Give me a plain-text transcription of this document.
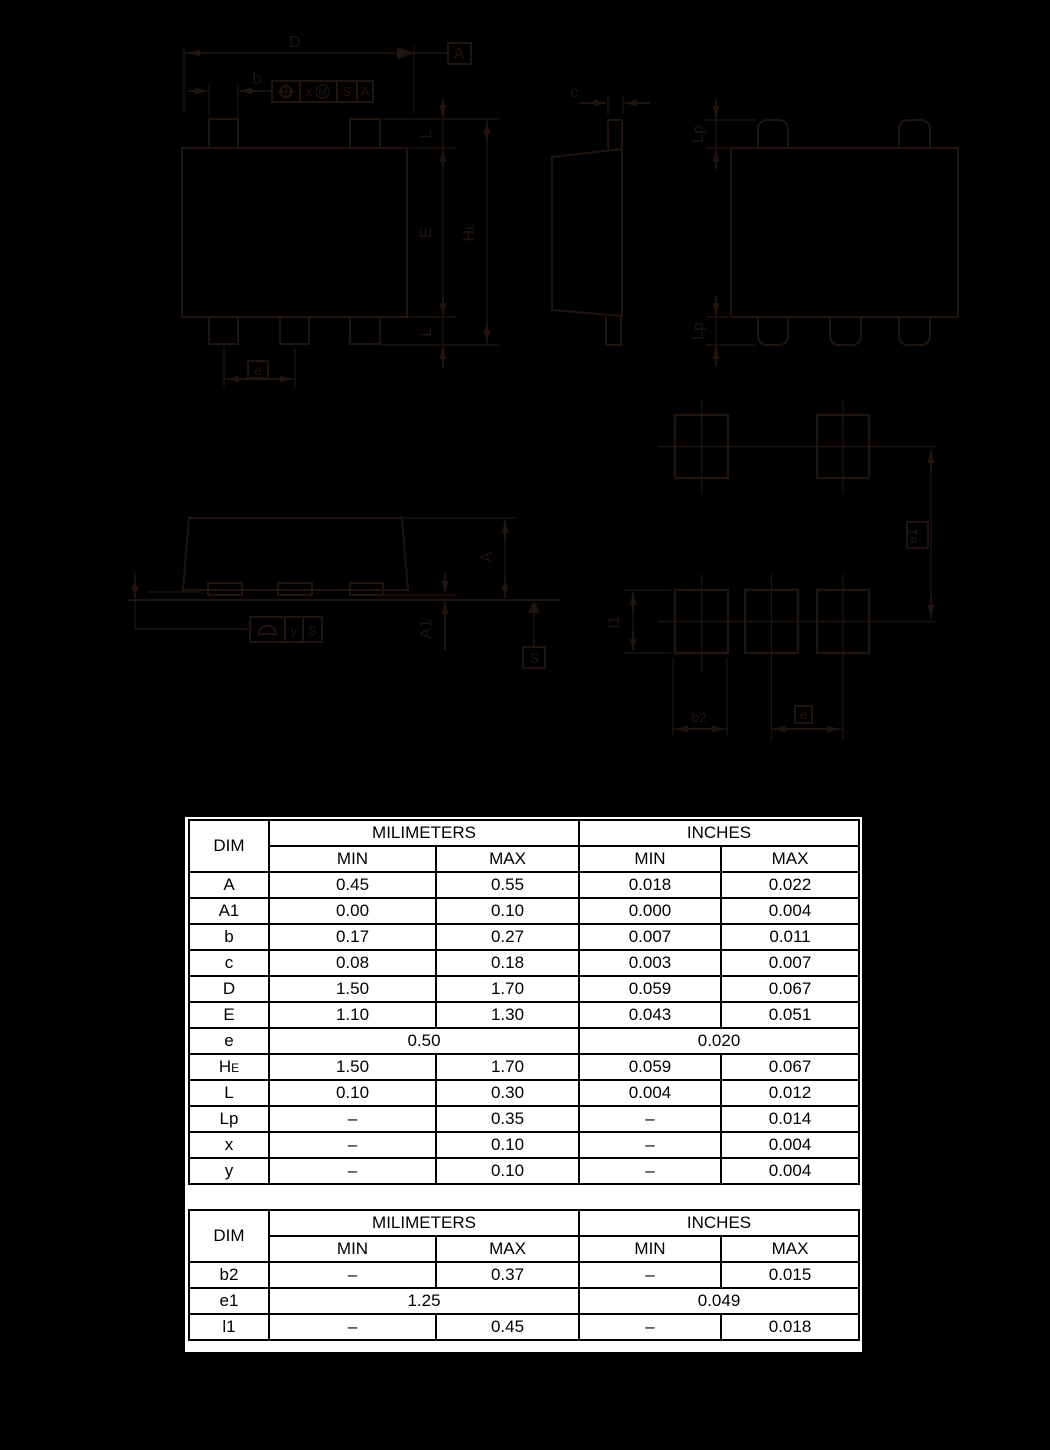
D
A
b
x M S A
L
E
L
HE
e
c
Lp
Lp
A
A1
y S
S
e1
l1
b2	e
DIM	MILIMETERS		INCHES	
	MIN	MAX	MIN	MAX
A	0.45	0.55	0.018	0.022
A1	0.00	0.10	0.000	0.004
b	0.17	0.27	0.007	0.011
c	0.08	0.18	0.003	0.007
D	1.50	1.70	0.059	0.067
E	1.10	1.30	0.043	0.051
e	0.50		0.020	
HE	1.50	1.70	0.059	0.067
L	0.10	0.30	0.004	0.012
Lp	–	0.35	–	0.014
x	–	0.10	–	0.004
y	–	0.10	–	0.004
DIM	MILIMETERS		INCHES	
	MIN	MAX	MIN	MAX
b2	–	0.37	–	0.015
e1	1.25		0.049	
l1	–	0.45	–	0.018
